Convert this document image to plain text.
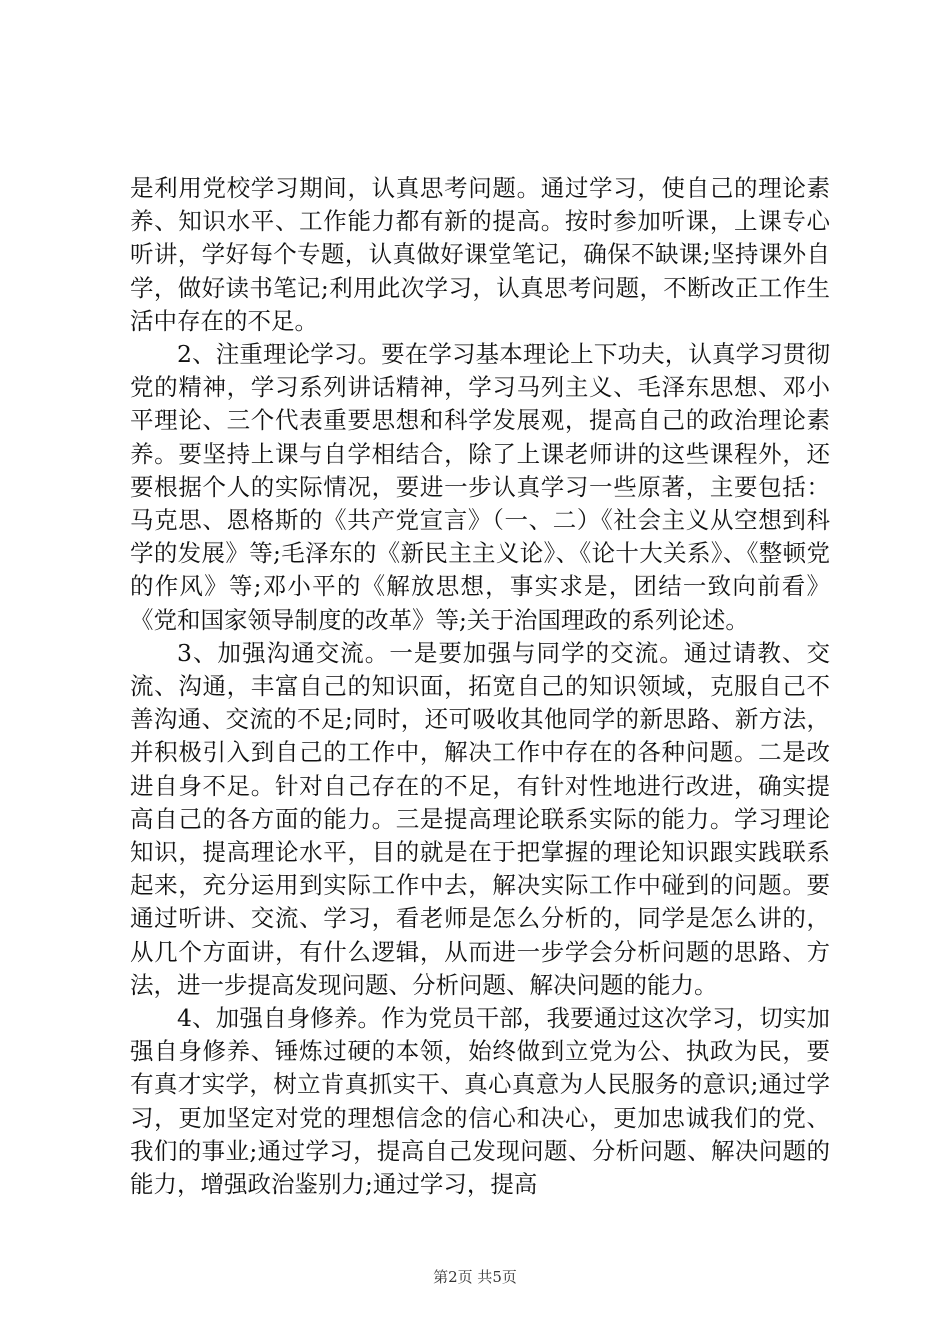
是利用党校学习期间，认真思考问题。通过学习，使自己的理论素养、知识水平、工作能力都有新的提高。按时参加听课，上课专心听讲，学好每个专题，认真做好课堂笔记，确保不缺课;坚持课外自学，做好读书笔记;利用此次学习，认真思考问题，不断改正工作生活中存在的不足。

2、注重理论学习。要在学习基本理论上下功夫，认真学习贯彻党的精神，学习系列讲话精神，学习马列主义、毛泽东思想、邓小平理论、三个代表重要思想和科学发展观，提高自己的政治理论素养。要坚持上课与自学相结合，除了上课老师讲的这些课程外，还要根据个人的实际情况，要进一步认真学习一些原著，主要包括：马克思、恩格斯的《共产党宣言》（一、二）《社会主义从空想到科学的发展》等;毛泽东的《新民主主义论》、《论十大关系》、《整顿党的作风》等;邓小平的《解放思想，事实求是，团结一致向前看》《党和国家领导制度的改革》等;关于治国理政的系列论述。

3、加强沟通交流。一是要加强与同学的交流。通过请教、交流、沟通，丰富自己的知识面，拓宽自己的知识领域，克服自己不善沟通、交流的不足;同时，还可吸收其他同学的新思路、新方法，并积极引入到自己的工作中，解决工作中存在的各种问题。二是改进自身不足。针对自己存在的不足，有针对性地进行改进，确实提高自己的各方面的能力。三是提高理论联系实际的能力。学习理论知识，提高理论水平，目的就是在于把掌握的理论知识跟实践联系起来，充分运用到实际工作中去，解决实际工作中碰到的问题。要通过听讲、交流、学习，看老师是怎么分析的，同学是怎么讲的，从几个方面讲，有什么逻辑，从而进一步学会分析问题的思路、方法，进一步提高发现问题、分析问题、解决问题的能力。

4、加强自身修养。作为党员干部，我要通过这次学习，切实加强自身修养、锤炼过硬的本领，始终做到立党为公、执政为民，要有真才实学，树立肯真抓实干、真心真意为人民服务的意识;通过学习，更加坚定对党的理想信念的信心和决心，更加忠诚我们的党、我们的事业;通过学习，提高自己发现问题、分析问题、解决问题的能力，增强政治鉴别力;通过学习，提高

第2页 共5页
